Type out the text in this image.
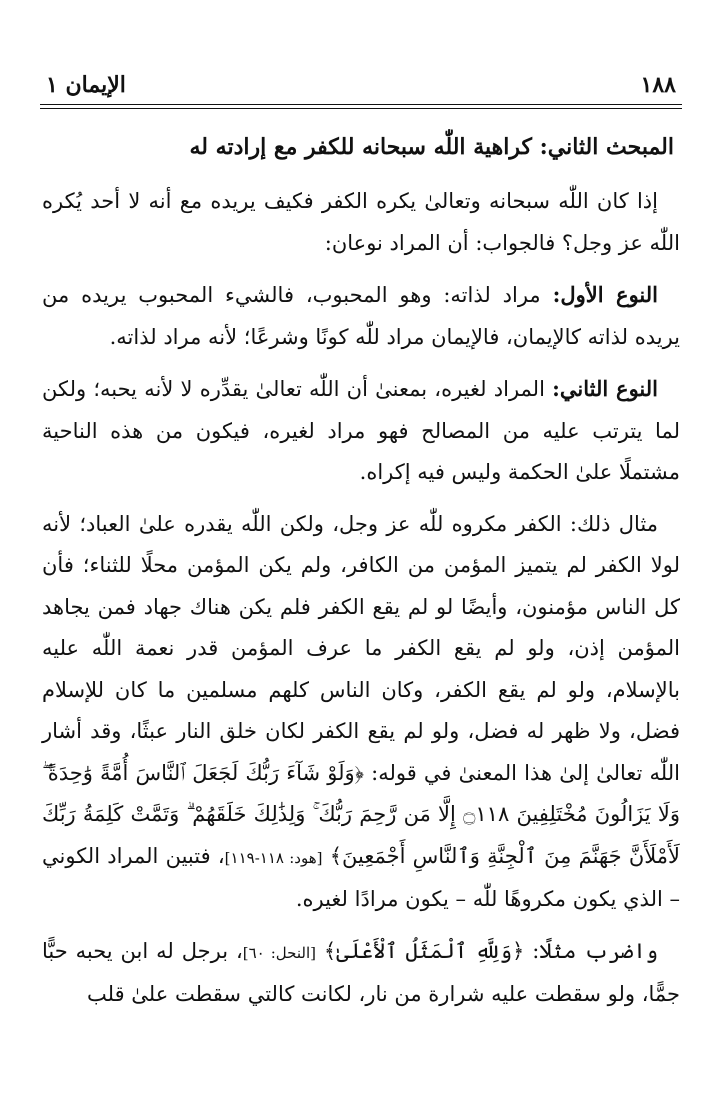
١٨٨
الإيمان ١
المبحث الثاني: كراهية اللّٰه سبحانه للكفر مع إرادته له

إذا كان اللّٰه سبحانه وتعالىٰ يكره الكفر فكيف يريده مع أنه لا أحد يُكره اللّٰه عز وجل؟ فالجواب: أن المراد نوعان:

النوع الأول: مراد لذاته: وهو المحبوب، فالشيء المحبوب يريده من يريده لذاته كالإيمان، فالإيمان مراد للّٰه كونًا وشرعًا؛ لأنه مراد لذاته.

النوع الثاني: المراد لغيره، بمعنىٰ أن اللّٰه تعالىٰ يقدِّره لا لأنه يحبه؛ ولكن لما يترتب عليه من المصالح فهو مراد لغيره، فيكون من هذه الناحية مشتملًا علىٰ الحكمة وليس فيه إكراه.

مثال ذلك: الكفر مكروه للّٰه عز وجل، ولكن اللّٰه يقدره علىٰ العباد؛ لأنه لولا الكفر لم يتميز المؤمن من الكافر، ولم يكن المؤمن محلًا للثناء؛ فأن كل الناس مؤمنون، وأيضًا لو لم يقع الكفر فلم يكن هناك جهاد فمن يجاهد المؤمن إذن، ولو لم يقع الكفر ما عرف المؤمن قدر نعمة اللّٰه عليه بالإسلام، ولو لم يقع الكفر، وكان الناس كلهم مسلمين ما كان للإسلام فضل، ولا ظهر له فضل، ولو لم يقع الكفر لكان خلق النار عبثًا، وقد أشار اللّٰه تعالىٰ إلىٰ هذا المعنىٰ في قوله: ﴿وَلَوْ شَآءَ رَبُّكَ لَجَعَلَ ٱلنَّاسَ أُمَّةً وَٰحِدَةً ۖ وَلَا يَزَالُونَ مُخْتَلِفِينَ ۝١١٨ إِلَّا مَن رَّحِمَ رَبُّكَ ۚ وَلِذَٰلِكَ خَلَقَهُمْ ۗ وَتَمَّتْ كَلِمَةُ رَبِّكَ لَأَمْلَأَنَّ جَهَنَّمَ مِنَ ٱلْجِنَّةِ وَٱلنَّاسِ أَجْمَعِينَ﴾ [هود: ١١٨-١١٩]، فتبين المراد الكوني – الذي يكون مكروهًا للّٰه – يكون مرادًا لغيره.

واضرب مثلًا: ﴿وَلِلَّهِ ٱلْمَثَلُ ٱلْأَعْلَىٰ﴾ [النحل: ٦٠]، برجل له ابن يحبه حبًّا جمًّا، ولو سقطت عليه شرارة من نار، لكانت كالتي سقطت علىٰ قلب
